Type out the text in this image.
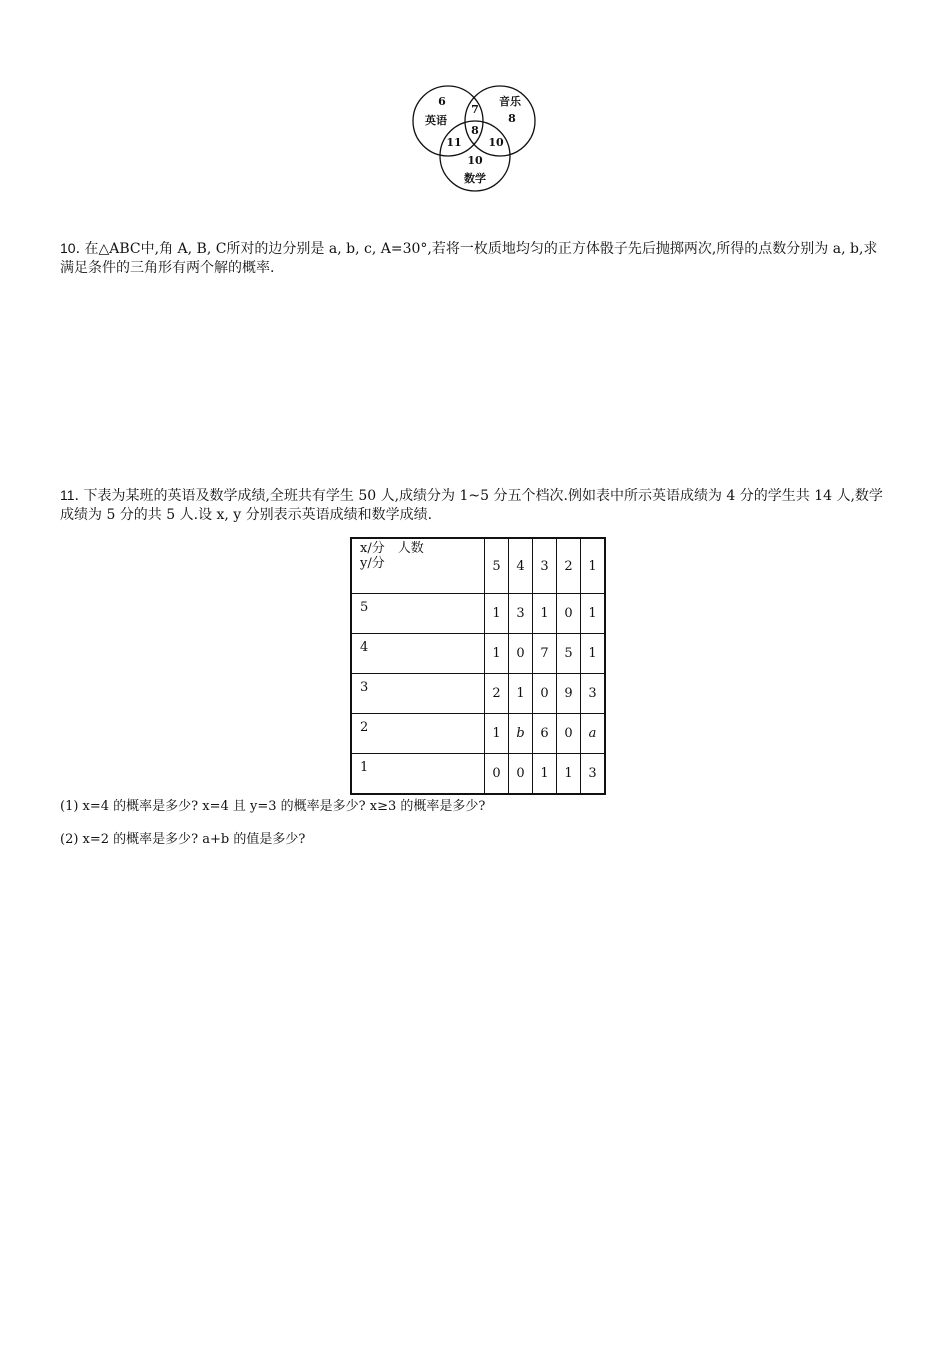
6
英语
音乐
8
7
8
11 10
10
数学
10. 在△ABC中,角 A, B, C所对的边分别是 a, b, c, A=30°,若将一枚质地均匀的正方体骰子先后抛掷两次,所得的点数分别为 a, b,求满足条件的三角形有两个解的概率.
11. 下表为某班的英语及数学成绩,全班共有学生 50 人,成绩分为 1~5 分五个档次.例如表中所示英语成绩为 4 分的学生共 14 人,数学成绩为 5 分的共 5 人.设 x, y 分别表示英语成绩和数学成绩.
x/分　人数
y/分	5	4	3	2	1
5	1	3	1	0	1
4	1	0	7	5	1
3	2	1	0	9	3
2	1	b	6	0	a
1	0	0	1	1	3
(1) x=4 的概率是多少? x=4 且 y=3 的概率是多少? x≥3 的概率是多少?
(2) x=2 的概率是多少? a+b 的值是多少?
